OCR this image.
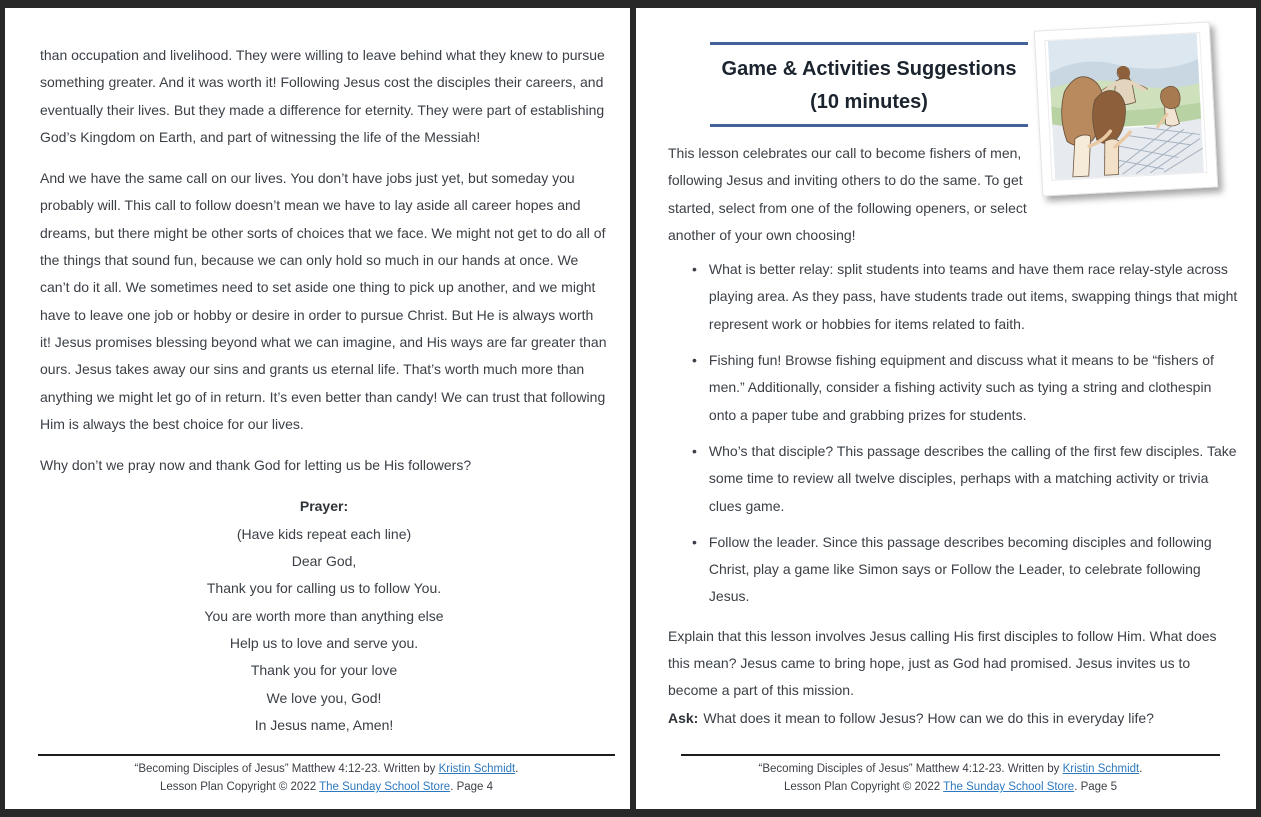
than occupation and livelihood. They were willing to leave behind what they knew to pursue something greater. And it was worth it! Following Jesus cost the disciples their careers, and eventually their lives. But they made a difference for eternity. They were part of establishing God’s Kingdom on Earth, and part of witnessing the life of the Messiah!

And we have the same call on our lives. You don’t have jobs just yet, but someday you probably will. This call to follow doesn’t mean we have to lay aside all career hopes and dreams, but there might be other sorts of choices that we face. We might not get to do all of the things that sound fun, because we can only hold so much in our hands at once. We can’t do it all. We sometimes need to set aside one thing to pick up another, and we might have to leave one job or hobby or desire in order to pursue Christ. But He is always worth it! Jesus promises blessing beyond what we can imagine, and His ways are far greater than ours. Jesus takes away our sins and grants us eternal life. That’s worth much more than anything we might let go of in return. It’s even better than candy! We can trust that following Him is always the best choice for our lives.

Why don’t we pray now and thank God for letting us be His followers?

Prayer:
(Have kids repeat each line)
Dear God,
Thank you for calling us to follow You.
You are worth more than anything else
Help us to love and serve you.
Thank you for your love
We love you, God!
In Jesus name, Amen!
“Becoming Disciples of Jesus” Matthew 4:12-23. Written by Kristin Schmidt.
Lesson Plan Copyright © 2022 The Sunday School Store. Page 4
Game & Activities Suggestions
(10 minutes)

This lesson celebrates our call to become fishers of men, following Jesus and inviting others to do the same. To get started, select from one of the following openers, or select another of your own choosing!

• What is better relay: split students into teams and have them race relay-style across playing area. As they pass, have students trade out items, swapping things that might represent work or hobbies for items related to faith.
• Fishing fun! Browse fishing equipment and discuss what it means to be “fishers of men.” Additionally, consider a fishing activity such as tying a string and clothespin onto a paper tube and grabbing prizes for students.
• Who’s that disciple? This passage describes the calling of the first few disciples. Take some time to review all twelve disciples, perhaps with a matching activity or trivia clues game.
• Follow the leader. Since this passage describes becoming disciples and following Christ, play a game like Simon says or Follow the Leader, to celebrate following Jesus.

Explain that this lesson involves Jesus calling His first disciples to follow Him. What does this mean? Jesus came to bring hope, just as God had promised. Jesus invites us to become a part of this mission.

Ask: What does it mean to follow Jesus? How can we do this in everyday life?

“Becoming Disciples of Jesus” Matthew 4:12-23. Written by Kristin Schmidt.
Lesson Plan Copyright © 2022 The Sunday School Store. Page 5
